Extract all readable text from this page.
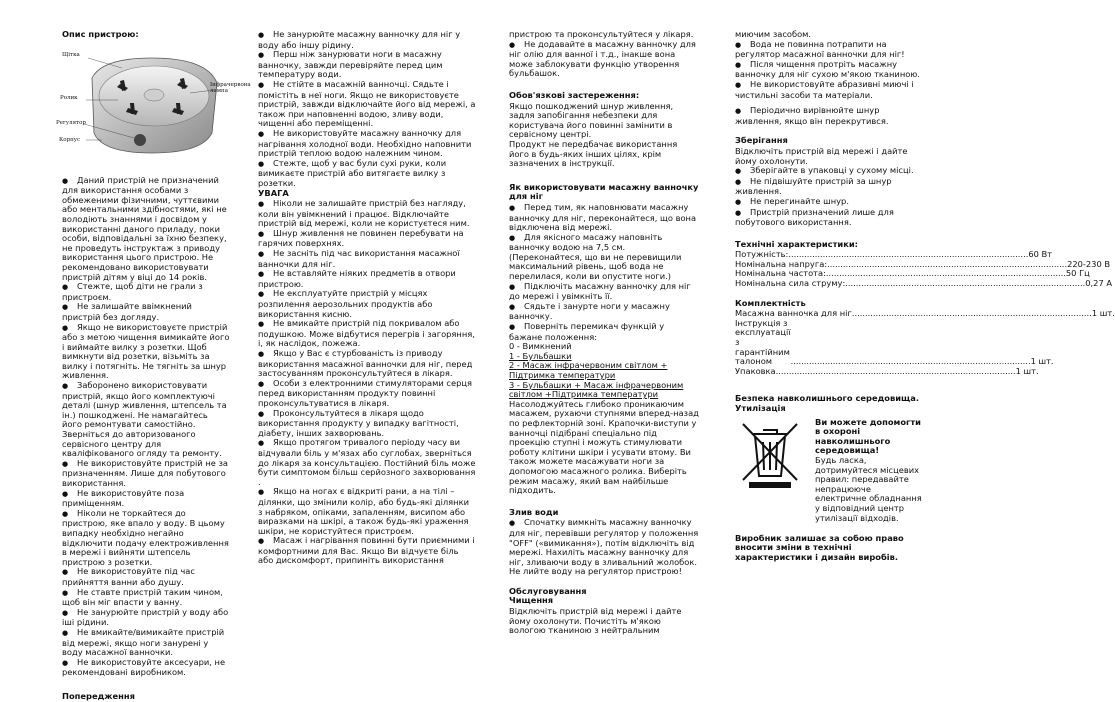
Опис пристрою:
Щітка
Ролик
Регулятор
Корпус
Інфрачервона лампа
●    Даний пристрій не призначений для використання особами з обмеженими фізичними, чуттєвими або ментальними здібностями, які не володіють знаннями і досвідом у використанні даного приладу, поки особи, відповідальні за їхню безпеку, не проведуть інструктаж з приводу використання цього пристрою. Не рекомендовано використовувати пристрій дітям у віці до 14 років.
●    Стежте, щоб діти не грали з пристроєм.
●    Не залишайте ввімкнений пристрій без догляду.
●    Якщо не використовуєте пристрій або з метою чищення вимикайте його і виймайте вилку з розетки. Щоб вимкнути від розетки, візьміть за вилку і потягніть. Не тягніть за шнур живлення.
●    Заборонено використовувати пристрій, якщо його комплектуючі деталі (шнур живлення, штепсель та ін.) пошкоджені. Не намагайтесь його ремонтувати самостійно. Зверніться до авторизованого сервісного центру для кваліфікованого огляду та ремонту.
●    Не використовуйте пристрій не за призначенням. Лише для побутового використання.
●    Не використовуйте поза приміщенням.
●    Ніколи не торкайтеся до пристрою, яке впало у воду. В цьому випадку необхідно негайно відключити подачу електроживлення в мережі і вийняти штепсель пристрою з розетки.
●    Не використовуйте під час прийняття ванни або душу.
●    Не ставте пристрій таким чином, щоб він міг впасти у ванну.
●    Не занурюйте пристрій у воду або іші рідини.
●    Не вмикайте/вимикайте пристрій від мережі, якщо ноги занурені у воду масажної ванночки.
●    Не використовуйте аксесуари, не рекомендовані виробником.
Попередження
●    Не занурюйте масажну ванночку для ніг у воду або іншу рідину.
●    Перш ніж занурювати ноги в масажну ванночку, завжди перевіряйте перед цим температуру води.
●    Не стійте в масажній ванночці. Сядьте і помістіть в неї ноги. Якщо не використовуєте пристрій, завжди відключайте його від мережі, а також при наповненні водою, зливу води, чищенні або переміщенні.
●    Не використовуйте масажну ванночку для нагрівання холодної води. Необхідно наповнити пристрій теплою водою належним чином.
●    Стежте, щоб у вас були сухі руки, коли вимикаєте пристрій або витягаєте вилку з розетки.
УВАГА
●    Ніколи не залишайте пристрій без нагляду, коли він увімкнений і працює. Відключайте пристрій від мережі, коли не користуєтеся ним.
●    Шнур живлення не повинен перебувати на гарячих поверхнях.
●    Не засніть під час використання масажної ванночки для ніг.
●    Не вставляйте ніяких предметів в отвори пристрою.
●    Не експлуатуйте пристрій у місцях розпилення аерозольних продуктів або використання кисню.
●    Не вмикайте пристрій під покривалом або подушкою. Може відбутися перегрів і загоряння, і, як наслідок, пожежа.
●    Якщо у Вас є стурбованість із приводу використання масажної ванночки для ніг, перед застосуванням проконсультуйтеся в лікаря.
●    Особи з електронними стимуляторами серця перед використанням продукту повинні проконсультуватися в лікаря.
●    Проконсультуйтеся в лікаря щодо використання продукту у випадку вагітності, діабету, інших захворювань.
●    Якщо протягом тривалого періоду часу ви відчували біль у м'язах або суглобах, зверніться до лікаря за консультацією. Постійний біль може бути симптомом більш серйозного захворювання .
●    Якщо на ногах є відкриті рани, а на тілі – ділянки, що змінили колір, або будь-які ділянки з набряком, опіками, запаленням, висипом або виразками на шкірі, а також будь-які ураження шкіри, не користуйтеся пристроєм.
●    Масаж і нагрівання повинні бути приємними і комфортними для Вас. Якщо Ви відчуєте біль або дискомфорт, припиніть використання
пристрою та проконсультуйтеся у лікаря.
●    Не додавайте в масажну ванночку для ніг олію для ванної і т.д., інакше вона може заблокувати функцію утворення бульбашок.
Обов'язкові застереження:
Якщо пошкоджений шнур живлення, задля запобігання небезпеки для користувача його повинні замінити в сервісному центрі.
Продукт не передбачає використання його в будь-яких інших цілях, крім зазначених в інструкції.
Як використовувати масажну ванночку для ніг
●    Перед тим, як наповнювати масажну ванночку для ніг, переконайтеся, що вона відключена від мережі.
●    Для якісного масажу наповніть ванночку водою на 7,5 см. (Переконайтеся, що ви не перевищили максимальний рівень, щоб вода не перелилася, коли ви опустите ноги.)
●    Підключіть масажну ванночку для ніг до мережі і увімкніть її.
●    Сядьте і занурте ноги у масажну ванночку.
●    Поверніть перемикач функцій у бажане положення:
0 - Вимкнений
1 - Бульбашки
2 - Масаж інфрачервоним світлом + Підтримка температури
3 - Бульбашки + Масаж інфрачервоним світлом +Підтримка температури
Насолоджуйтесь глибоко проникаючим масажем, рухаючи ступнями вперед-назад по рефлекторній зоні. Крапочки-виступи у ванночці підібрані спеціально під проекцію ступні і можуть стимулювати роботу клітини шкіри і усувати втому. Ви також можете масажувати ноги за допомогою масажного ролика. Виберіть режим масажу, який вам найбільше підходить.
Злив води
●    Спочатку вимкніть масажну ванночку для ніг, перевівши регулятор у положення "OFF" («вимикання»), потім відключіть від мережі. Нахиліть масажну ванночку для ніг, зливаючи воду в зливальний жолобок. Не лийте воду на регулятор пристрою!
Обслуговування
Чищення
Відключіть пристрій від мережі і дайте йому охолонути. Почистіть м'якою вологою тканиною з нейтральним
миючим засобом.
●    Вода не повинна потрапити на регулятор масажної ванночки для ніг!
●    Після чищення протріть масажну ванночку для ніг сухою м'якою тканиною.
●    Не використовуйте абразивні миючі і чистильні засоби та матеріали.
●    Періодично вирівнюйте шнур живлення, якщо він перекрутився.
Зберігання
Відключіть пристрій від мережі і дайте йому охолонути.
●    Зберігайте в упаковці у сухому місці.
●    Не підвішуйте пристрій за шнур живлення.
●    Не перегинайте шнур.
●    Пристрій призначений лише для побутового використання.
Технічні характеристики:
Потужність: .....	60 Вт
Номінальна напруга: .....	220-230 В
Номінальна частота: .....	50 Гц
Номінальна сила струму: .....	0,27 А
Комплектність
Масажна ванночка для ніг .....	1 шт.
Інструкція з експлуатації з гарантійним талоном .....	1 шт.
Упаковка .....	1 шт.
Безпека навколишнього середовища. Утилізація
Ви можете допомогти в охороні навколишнього середовища!
Будь ласка, дотримуйтеся місцевих правил: передавайте непрацююче електричне обладнання у відповідний центр утилізації відходів.
Виробник залишає за собою право вносити зміни в технічні характеристики і дизайн виробів.
